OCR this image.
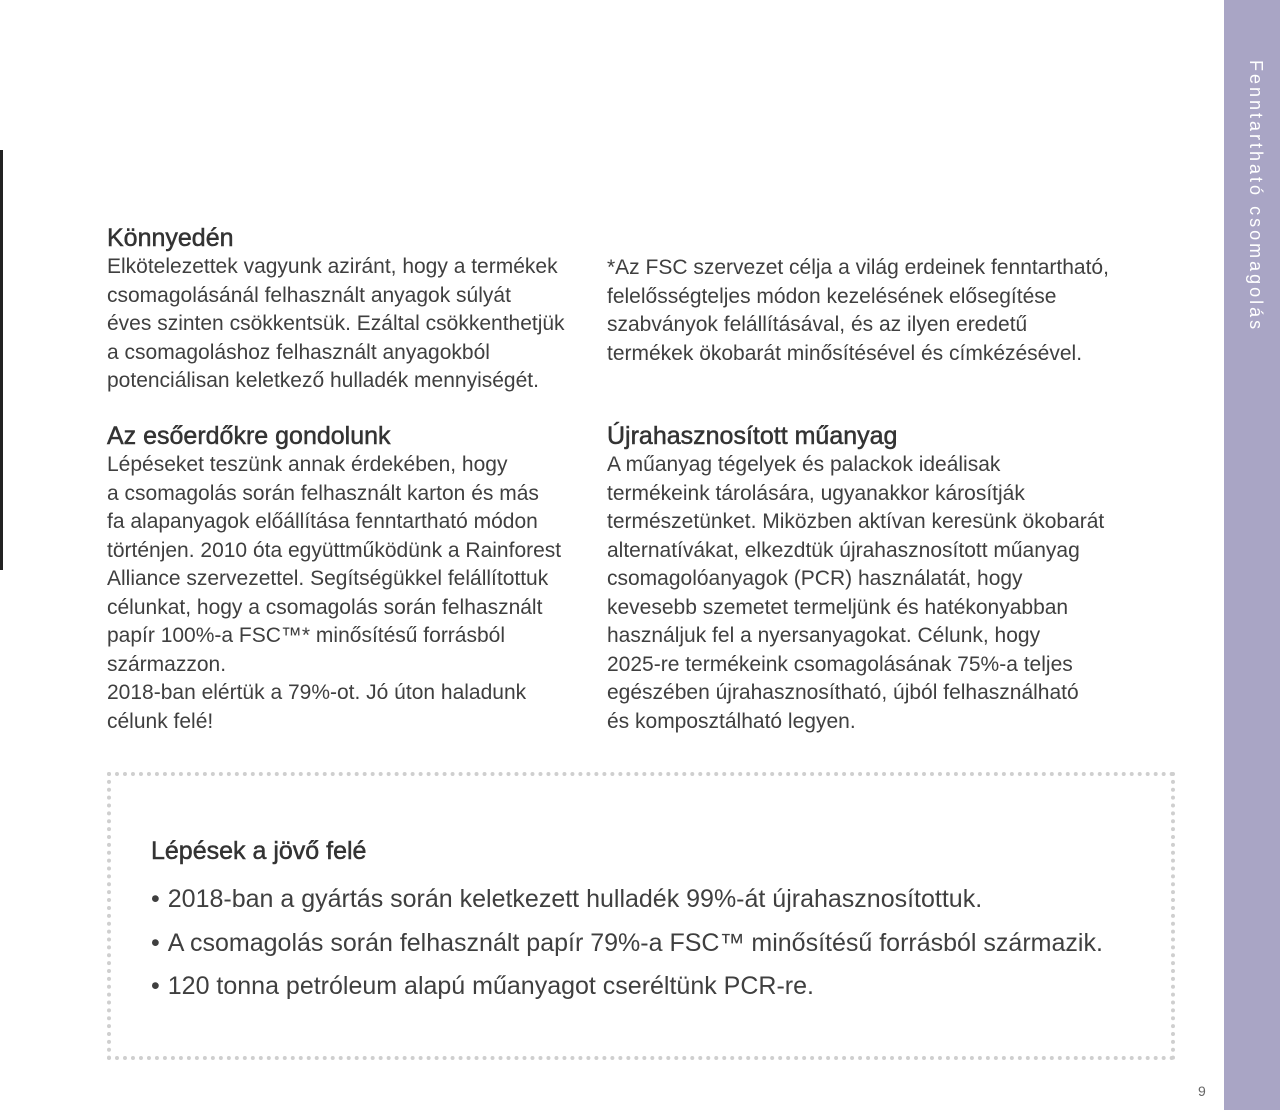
Fenntartható csomagolás
Könnyedén

Elkötelezettek vagyunk aziránt, hogy a termékek
csomagolásánál felhasznált anyagok súlyát
éves szinten csökkentsük. Ezáltal csökkenthetjük
a csomagoláshoz felhasznált anyagokból
potenciálisan keletkező hulladék mennyiségét.

*Az FSC szervezet célja a világ erdeinek fenntartható,
felelősségteljes módon kezelésének elősegítése
szabványok felállításával, és az ilyen eredetű
termékek ökobarát minősítésével és címkézésével.

Az esőerdőkre gondolunk

Lépéseket teszünk annak érdekében, hogy
a csomagolás során felhasznált karton és más
fa alapanyagok előállítása fenntartható módon
történjen. 2010 óta együttműködünk a Rainforest
Alliance szervezettel. Segítségükkel felállítottuk
célunkat, hogy a csomagolás során felhasznált
papír 100%-a FSC™* minősítésű forrásból
származzon.
2018-ban elértük a 79%-ot. Jó úton haladunk
célunk felé!

Újrahasznosított műanyag

A műanyag tégelyek és palackok ideálisak
termékeink tárolására, ugyanakkor károsítják
természetünket. Miközben aktívan keresünk ökobarát
alternatívákat, elkezdtük újrahasznosított műanyag
csomagolóanyagok (PCR) használatát, hogy
kevesebb szemetet termeljünk és hatékonyabban
használjuk fel a nyersanyagokat. Célunk, hogy
2025-re termékeink csomagolásának 75%-a teljes
egészében újrahasznosítható, újból felhasználható
és komposztálható legyen.

Lépések a jövő felé
• 2018-ban a gyártás során keletkezett hulladék 99%-át újrahasznosítottuk.
• A csomagolás során felhasznált papír 79%-a FSC™ minősítésű forrásból származik.
• 120 tonna petróleum alapú műanyagot cseréltünk PCR-re.
9
